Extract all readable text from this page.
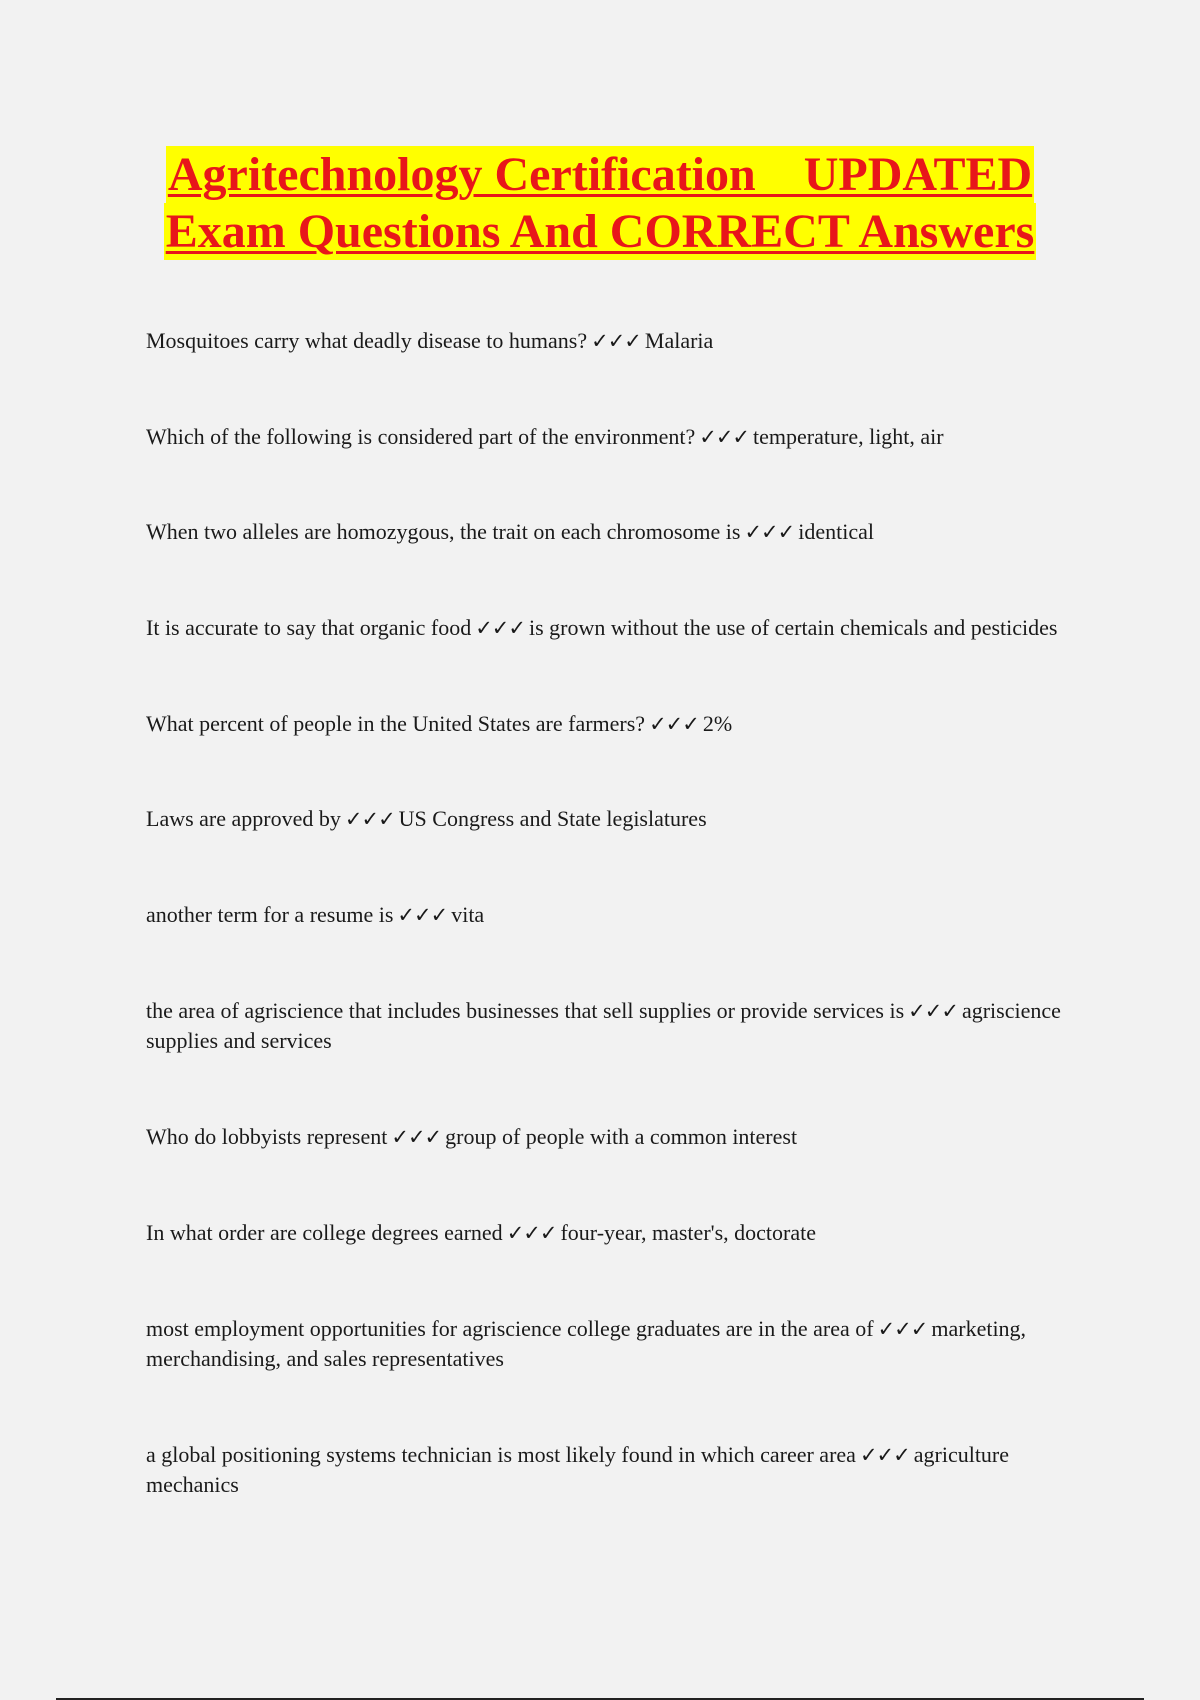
Agritechnology Certification    UPDATED
Exam Questions And CORRECT Answers
Mosquitoes carry what deadly disease to humans? ✓✓✓ Malaria
Which of the following is considered part of the environment? ✓✓✓ temperature, light, air
When two alleles are homozygous, the trait on each chromosome is ✓✓✓ identical
It is accurate to say that organic food ✓✓✓ is grown without the use of certain chemicals and pesticides
What percent of people in the United States are farmers? ✓✓✓ 2%
Laws are approved by ✓✓✓ US Congress and State legislatures
another term for a resume is ✓✓✓ vita
the area of agriscience that includes businesses that sell supplies or provide services is ✓✓✓ agriscience supplies and services
Who do lobbyists represent ✓✓✓ group of people with a common interest
In what order are college degrees earned ✓✓✓ four-year, master's, doctorate
most employment opportunities for agriscience college graduates are in the area of ✓✓✓ marketing, merchandising, and sales representatives
a global positioning systems technician is most likely found in which career area ✓✓✓ agriculture mechanics
